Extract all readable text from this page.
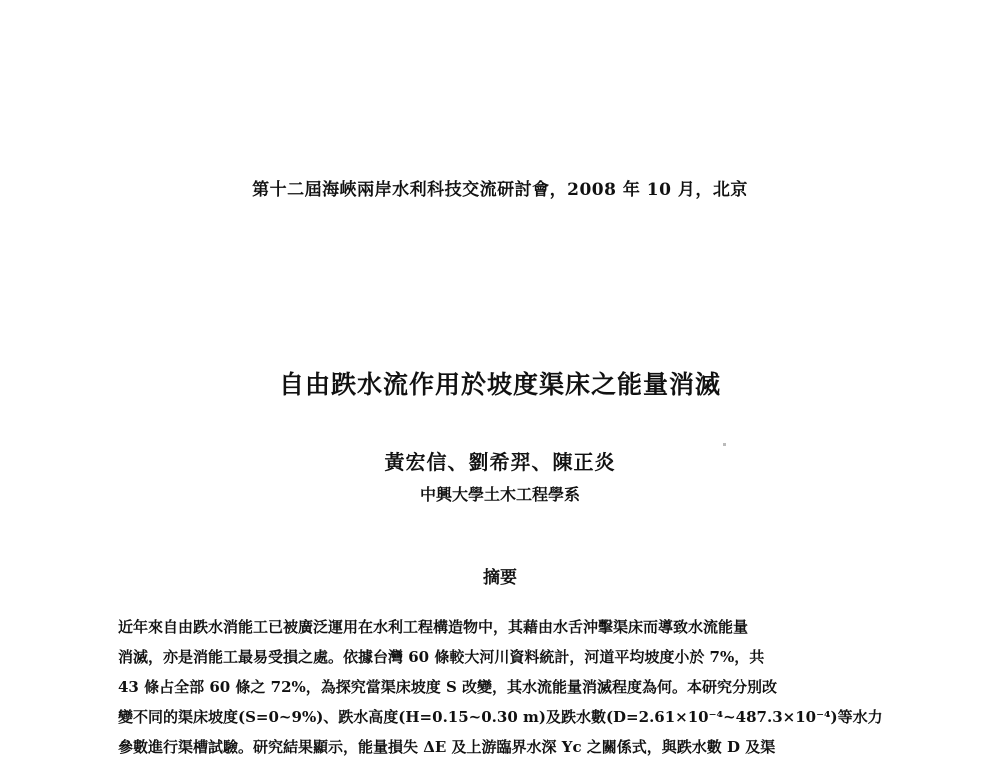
第十二屆海峽兩岸水利科技交流研討會，2008 年 10 月，北京
自由跌水流作用於坡度渠床之能量消滅
黃宏信、劉希羿、陳正炎
中興大學土木工程學系
摘要
近年來自由跌水消能工已被廣泛運用在水利工程構造物中，其藉由水舌沖擊渠床而導致水流能量
消滅，亦是消能工最易受損之處。依據台灣 60 條較大河川資料統計，河道平均坡度小於 7%，共
43 條占全部 60 條之 72%，為探究當渠床坡度 S 改變，其水流能量消滅程度為何。本研究分別改
變不同的渠床坡度(S=0~9%)、跌水高度(H=0.15~0.30 m)及跌水數(D=2.61×10⁻⁴~487.3×10⁻⁴)等水力
參數進行渠槽試驗。研究結果顯示，能量損失 ΔE 及上游臨界水深 Yc 之關係式，與跌水數 D 及渠
